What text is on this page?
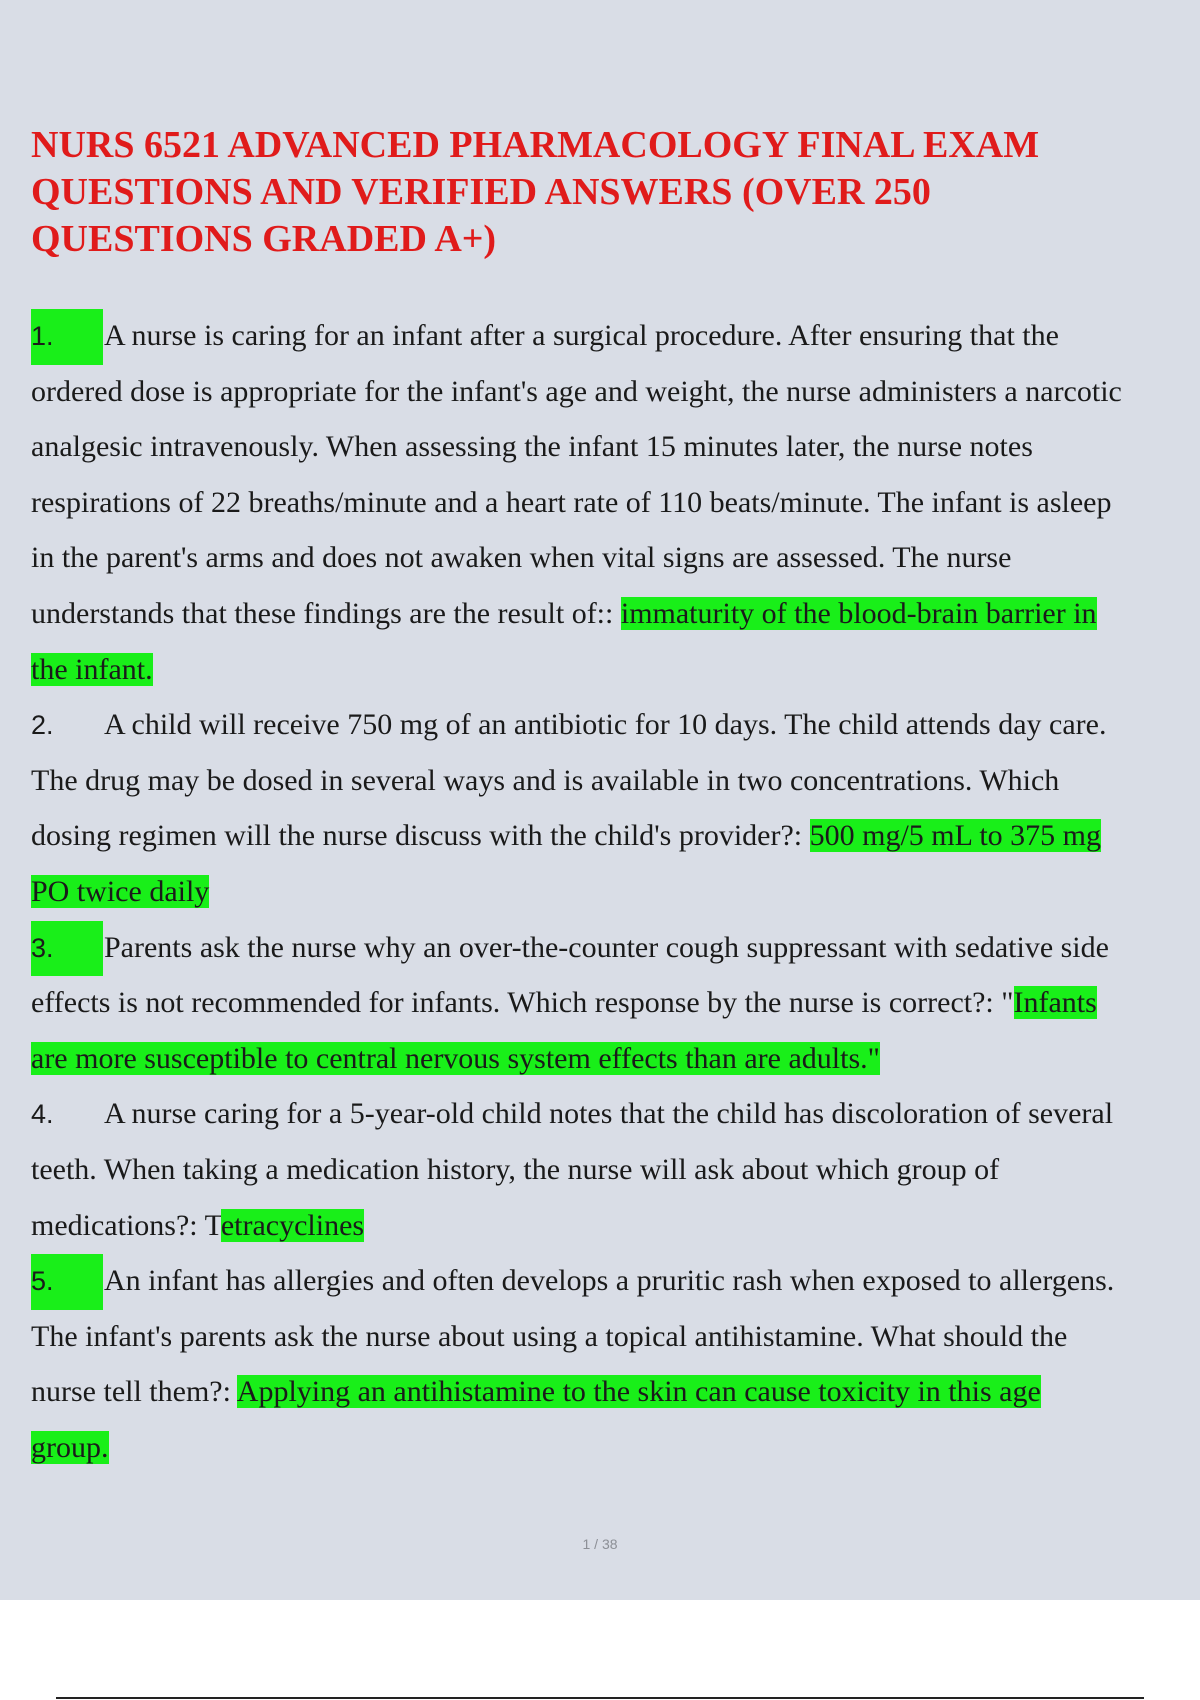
NURS 6521 ADVANCED PHARMACOLOGY FINAL EXAM
QUESTIONS AND VERIFIED ANSWERS (OVER 250
QUESTIONS GRADED A+)
1. A nurse is caring for an infant after a surgical procedure. After ensuring that the
ordered dose is appropriate for the infant's age and weight, the nurse administers a narcotic
analgesic intravenously. When assessing the infant 15 minutes later, the nurse notes
respirations of 22 breaths/minute and a heart rate of 110 beats/minute. The infant is asleep
in the parent's arms and does not awaken when vital signs are assessed. The nurse
understands that these findings are the result of:: immaturity of the blood-brain barrier in
the infant.
2. A child will receive 750 mg of an antibiotic for 10 days. The child attends day care.
The drug may be dosed in several ways and is available in two concentrations. Which
dosing regimen will the nurse discuss with the child's provider?: 500 mg/5 mL to 375 mg
PO twice daily
3. Parents ask the nurse why an over-the-counter cough suppressant with sedative side
effects is not recommended for infants. Which response by the nurse is correct?: "Infants
are more susceptible to central nervous system effects than are adults."
4. A nurse caring for a 5-year-old child notes that the child has discoloration of several
teeth. When taking a medication history, the nurse will ask about which group of
medications?: Tetracyclines
5. An infant has allergies and often develops a pruritic rash when exposed to allergens.
The infant's parents ask the nurse about using a topical antihistamine. What should the
nurse tell them?: Applying an antihistamine to the skin can cause toxicity in this age
group.
1 / 38
